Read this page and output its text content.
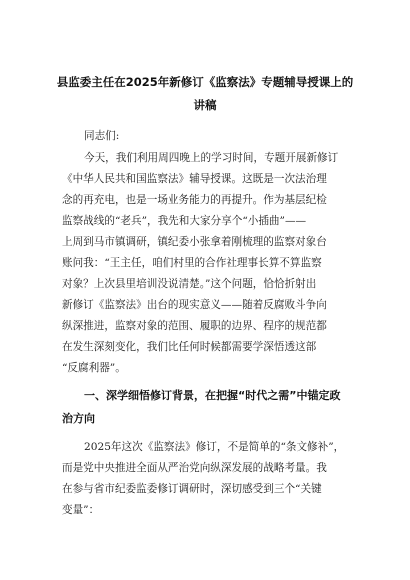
县监委主任在2025年新修订《监察法》专题辅导授课上的
讲稿

同志们:

今天，我们利用周四晚上的学习时间，专题开展新修订

《中华人民共和国监察法》辅导授课。这既是一次法治理

念的再充电，也是一场业务能力的再提升。作为基层纪检

监察战线的“老兵”，我先和大家分享个“小插曲”——

上周到马市镇调研，镇纪委小张拿着刚梳理的监察对象台

账问我：“王主任，咱们村里的合作社理事长算不算监察

对象？上次县里培训没说清楚。”这个问题，恰恰折射出

新修订《监察法》出台的现实意义——随着反腐败斗争向

纵深推进，监察对象的范围、履职的边界、程序的规范都

在发生深刻变化，我们比任何时候都需要学深悟透这部

“反腐利器”。

一、深学细悟修订背景，在把握“时代之需”中锚定政
治方向

2025年这次《监察法》修订，不是简单的“条文修补”，

而是党中央推进全面从严治党向纵深发展的战略考量。我

在参与省市纪委监委修订调研时，深切感受到三个“关键

变量”：
